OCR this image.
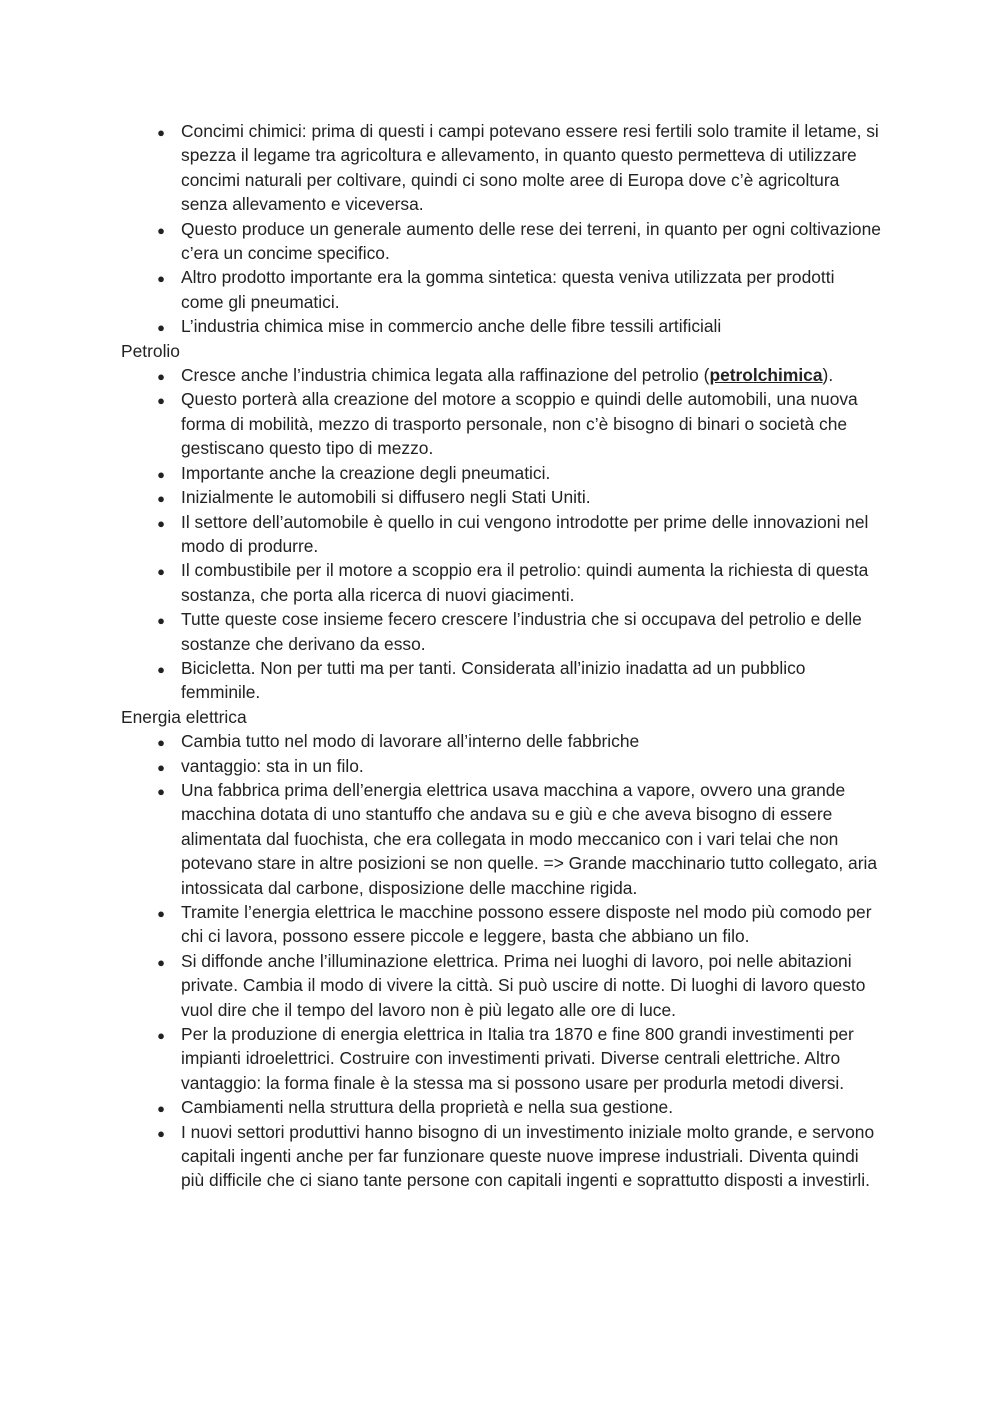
●
Concimi chimici: prima di questi i campi potevano essere resi fertili solo tramite il letame, si spezza il legame tra agricoltura e allevamento, in quanto questo permetteva di utilizzare concimi naturali per coltivare, quindi ci sono molte aree di Europa dove c’è agricoltura senza allevamento e viceversa.
●
Questo produce un generale aumento delle rese dei terreni, in quanto per ogni coltivazione c’era un concime specifico.
●
Altro prodotto importante era la gomma sintetica: questa veniva utilizzata per prodotti come gli pneumatici.
●
L’industria chimica mise in commercio anche delle fibre tessili artificiali
Petrolio
●
Cresce anche l’industria chimica legata alla raffinazione del petrolio (petrolchimica).
●
Questo porterà alla creazione del motore a scoppio e quindi delle automobili, una nuova forma di mobilità, mezzo di trasporto personale, non c’è bisogno di binari o società che gestiscano questo tipo di mezzo.
●
Importante anche la creazione degli pneumatici.
●
Inizialmente le automobili si diffusero negli Stati Uniti.
●
Il settore dell’automobile è quello in cui vengono introdotte per prime delle innovazioni nel modo di produrre.
●
Il combustibile per il motore a scoppio era il petrolio: quindi aumenta la richiesta di questa sostanza, che porta alla ricerca di nuovi giacimenti.
●
Tutte queste cose insieme fecero crescere l’industria che si occupava del petrolio e delle sostanze che derivano da esso.
●
Bicicletta. Non per tutti ma per tanti. Considerata all’inizio inadatta ad un pubblico femminile.
Energia elettrica
●
Cambia tutto nel modo di lavorare all’interno delle fabbriche
●
vantaggio: sta in un filo.
●
Una fabbrica prima dell’energia elettrica usava macchina a vapore, ovvero una grande macchina dotata di uno stantuffo che andava su e giù e che aveva bisogno di essere alimentata dal fuochista, che era collegata in modo meccanico con i vari telai che non potevano stare in altre posizioni se non quelle. => Grande macchinario tutto collegato, aria intossicata dal carbone, disposizione delle macchine rigida.
●
Tramite l’energia elettrica le macchine possono essere disposte nel modo più comodo per chi ci lavora, possono essere piccole e leggere, basta che abbiano un filo.
●
Si diffonde anche l’illuminazione elettrica. Prima nei luoghi di lavoro, poi nelle abitazioni private. Cambia il modo di vivere la città. Si può uscire di notte. Di luoghi di lavoro questo vuol dire che il tempo del lavoro non è più legato alle ore di luce.
●
Per la produzione di energia elettrica in Italia tra 1870 e fine 800 grandi investimenti per impianti idroelettrici. Costruire con investimenti privati. Diverse centrali elettriche. Altro vantaggio: la forma finale è la stessa ma si possono usare per produrla metodi diversi.
●
Cambiamenti nella struttura della proprietà e nella sua gestione.
●
I nuovi settori produttivi hanno bisogno di un investimento iniziale molto grande, e servono capitali ingenti anche per far funzionare queste nuove imprese industriali. Diventa quindi più difficile che ci siano tante persone con capitali ingenti e soprattutto disposti a investirli.
